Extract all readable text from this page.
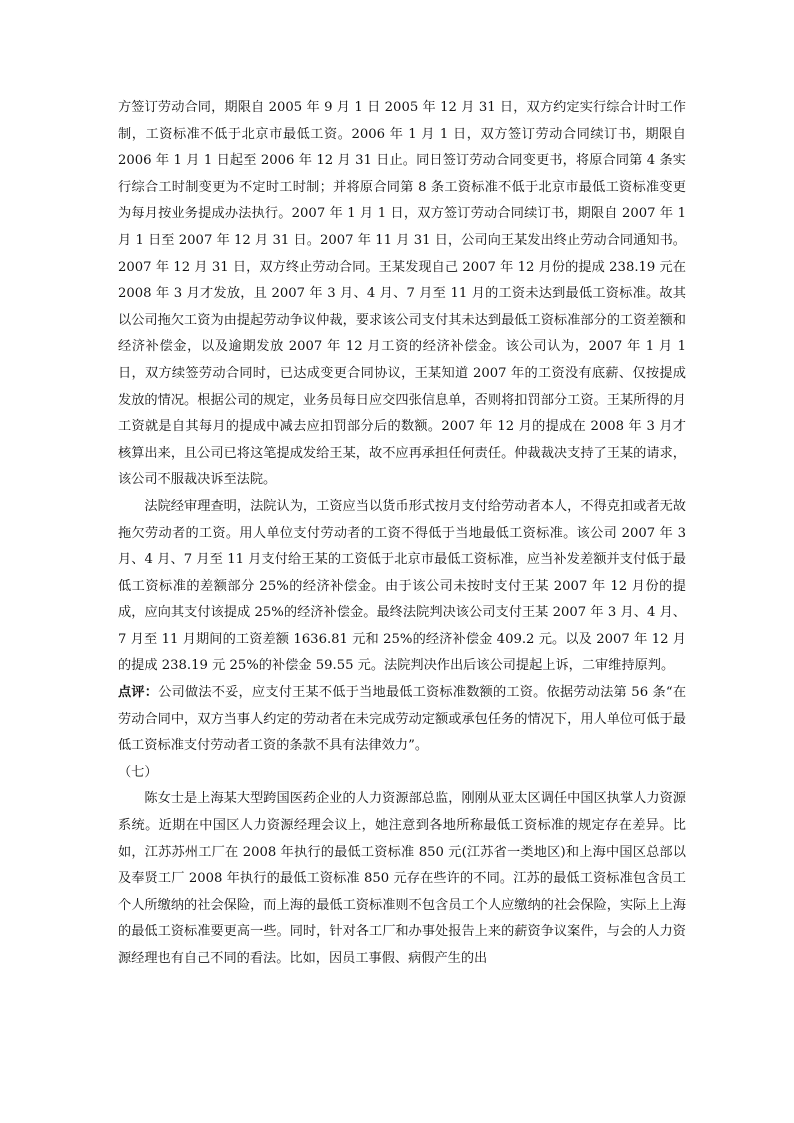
方签订劳动合同，期限自 2005 年 9 月 1 日 2005 年 12 月 31 日，双方约定实行综合计时工作制，工资标准不低于北京市最低工资。2006 年 1 月 1 日，双方签订劳动合同续订书，期限自 2006 年 1 月 1 日起至 2006 年 12 月 31 日止。同日签订劳动合同变更书，将原合同第 4 条实行综合工时制变更为不定时工时制；并将原合同第 8 条工资标准不低于北京市最低工资标准变更为每月按业务提成办法执行。2007 年 1 月 1 日，双方签订劳动合同续订书，期限自 2007 年 1 月 1 日至 2007 年 12 月 31 日。2007 年 11 月 31 日，公司向王某发出终止劳动合同通知书。2007 年 12 月 31 日，双方终止劳动合同。王某发现自己 2007 年 12 月份的提成 238.19 元在 2008 年 3 月才发放，且 2007 年 3 月、4 月、7 月至 11 月的工资未达到最低工资标准。故其以公司拖欠工资为由提起劳动争议仲裁，要求该公司支付其未达到最低工资标准部分的工资差额和经济补偿金，以及逾期发放 2007 年 12 月工资的经济补偿金。该公司认为，2007 年 1 月 1 日，双方续签劳动合同时，已达成变更合同协议，王某知道 2007 年的工资没有底薪、仅按提成发放的情况。根据公司的规定，业务员每日应交四张信息单，否则将扣罚部分工资。王某所得的月工资就是自其每月的提成中减去应扣罚部分后的数额。2007 年 12 月的提成在 2008 年 3 月才核算出来，且公司已将这笔提成发给王某，故不应再承担任何责任。仲裁裁决支持了王某的请求，该公司不服裁决诉至法院。

法院经审理查明，法院认为，工资应当以货币形式按月支付给劳动者本人，不得克扣或者无故拖欠劳动者的工资。用人单位支付劳动者的工资不得低于当地最低工资标准。该公司 2007 年 3 月、4 月、7 月至 11 月支付给王某的工资低于北京市最低工资标准，应当补发差额并支付低于最低工资标准的差额部分 25%的经济补偿金。由于该公司未按时支付王某 2007 年 12 月份的提成，应向其支付该提成 25%的经济补偿金。最终法院判决该公司支付王某 2007 年 3 月、4 月、7 月至 11 月期间的工资差额 1636.81 元和 25%的经济补偿金 409.2 元。以及 2007 年 12 月的提成 238.19 元 25%的补偿金 59.55 元。法院判决作出后该公司提起上诉，二审维持原判。

点评：公司做法不妥，应支付王某不低于当地最低工资标准数额的工资。依据劳动法第 56 条“在劳动合同中，双方当事人约定的劳动者在未完成劳动定额或承包任务的情况下，用人单位可低于最低工资标准支付劳动者工资的条款不具有法律效力”。

（七）

陈女士是上海某大型跨国医药企业的人力资源部总监，刚刚从亚太区调任中国区执掌人力资源系统。近期在中国区人力资源经理会议上，她注意到各地所称最低工资标准的规定存在差异。比如，江苏苏州工厂在 2008 年执行的最低工资标准 850 元(江苏省一类地区)和上海中国区总部以及奉贤工厂 2008 年执行的最低工资标准 850 元存在些许的不同。江苏的最低工资标准包含员工个人所缴纳的社会保险，而上海的最低工资标准则不包含员工个人应缴纳的社会保险，实际上上海的最低工资标准要更高一些。同时，针对各工厂和办事处报告上来的薪资争议案件，与会的人力资源经理也有自己不同的看法。比如，因员工事假、病假产生的出
